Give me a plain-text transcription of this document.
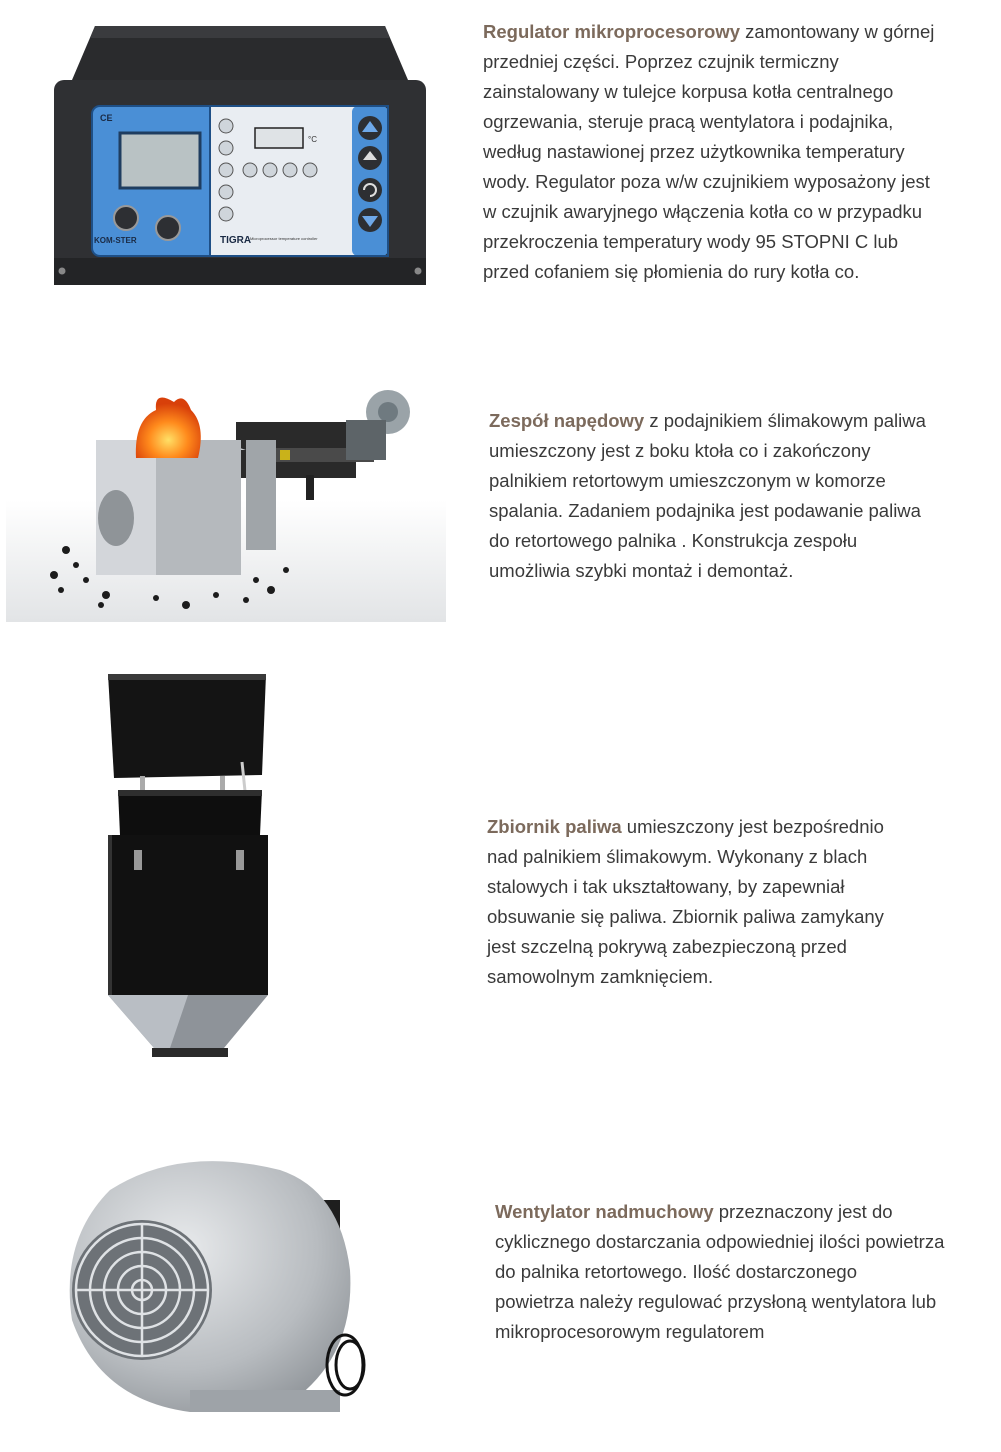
CE
°C
KOM-STER	TIGRA
Microprocessor temperature controller
Regulator mikroprocesorowy zamontowany w górnej
przedniej części. Poprzez czujnik termiczny
zainstalowany w tulejce korpusa kotła centralnego
ogrzewania, steruje pracą wentylatora i podajnika,
według nastawionej przez użytkownika temperatury
wody. Regulator poza w/w czujnikiem wyposażony jest
w czujnik awaryjnego włączenia kotła co w przypadku
przekroczenia temperatury wody 95 STOPNI C lub
przed cofaniem się płomienia do rury kotła co.
Zespół napędowy z podajnikiem ślimakowym paliwa
umieszczony jest z boku ktoła co i zakończony
palnikiem retortowym umieszczonym w komorze
spalania. Zadaniem podajnika jest podawanie paliwa
do retortowego palnika . Konstrukcja zespołu
umożliwia szybki montaż i demontaż.
Zbiornik paliwa umieszczony jest bezpośrednio
nad palnikiem ślimakowym. Wykonany z blach
stalowych i tak ukształtowany, by zapewniał
obsuwanie się paliwa. Zbiornik paliwa zamykany
jest szczelną pokrywą zabezpieczoną przed
samowolnym zamknięciem.
Wentylator nadmuchowy przeznaczony jest do
cyklicznego dostarczania odpowiedniej ilości powietrza
do palnika retortowego. Ilość dostarczonego
powietrza należy regulować przysłoną wentylatora lub
mikroprocesorowym regulatorem
